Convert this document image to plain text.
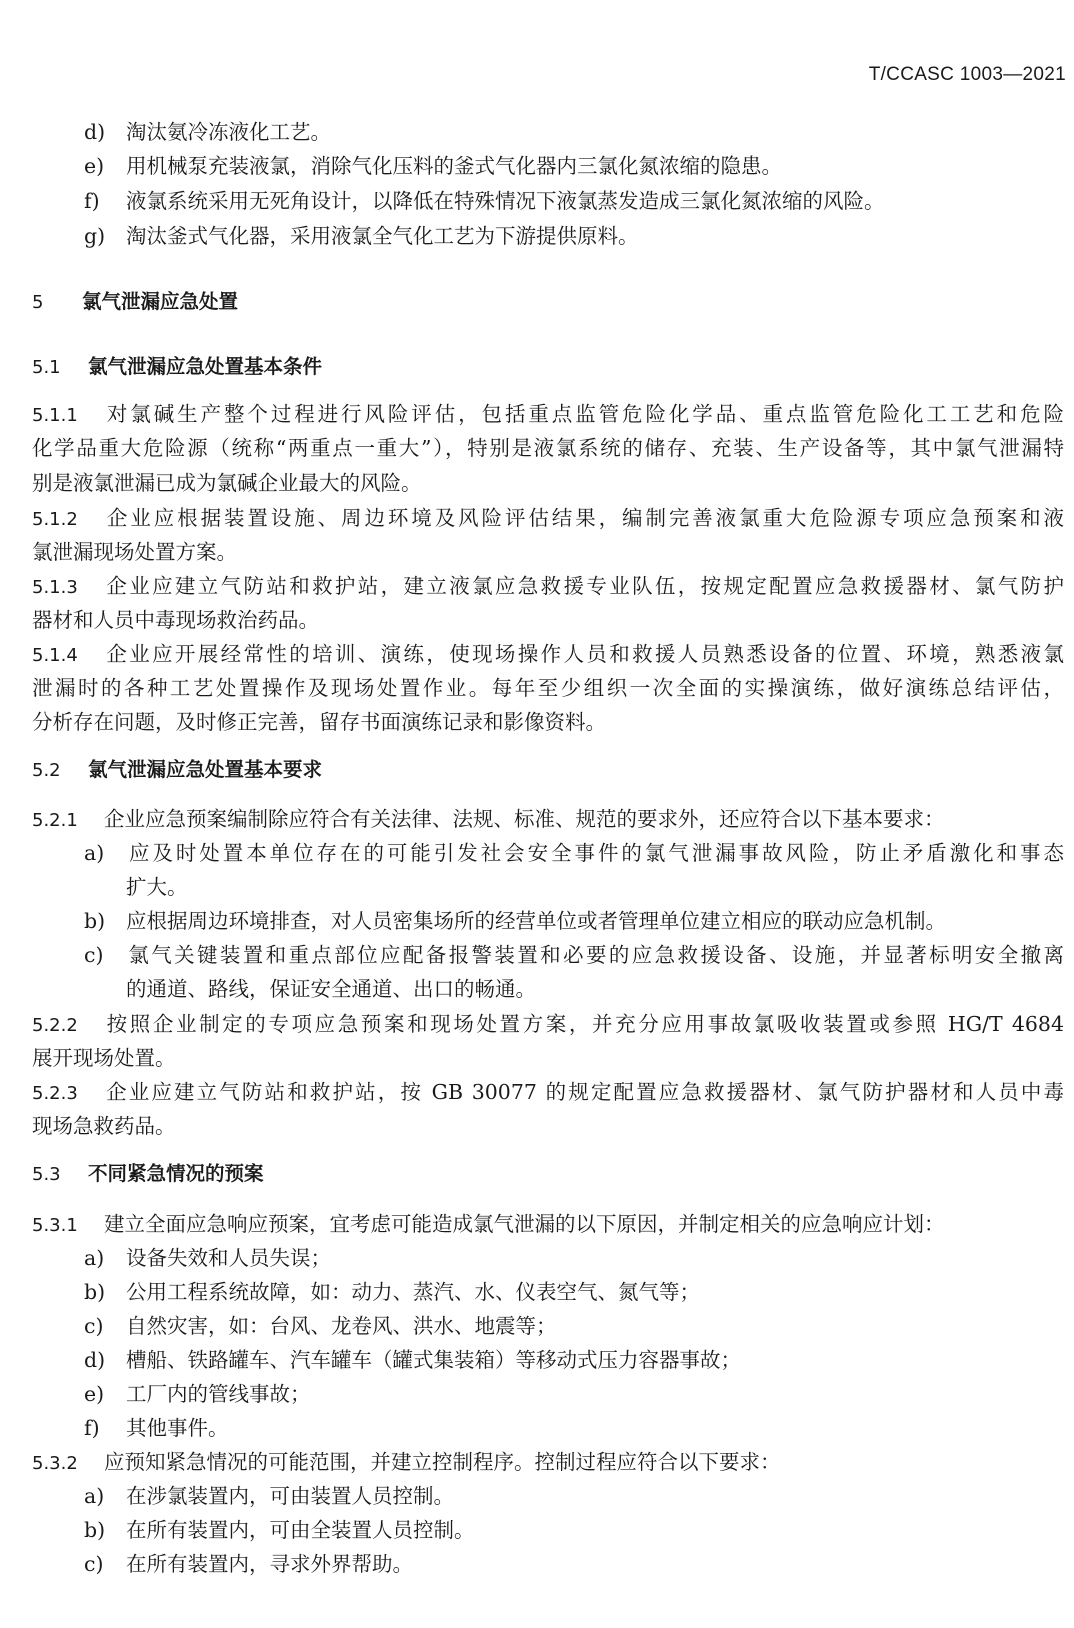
T/CCASC 1003—2021
d) 淘汰氨冷冻液化工艺。
e) 用机械泵充装液氯，消除气化压料的釜式气化器内三氯化氮浓缩的隐患。
f) 液氯系统采用无死角设计，以降低在特殊情况下液氯蒸发造成三氯化氮浓缩的风险。
g) 淘汰釜式气化器，采用液氯全气化工艺为下游提供原料。
5 氯气泄漏应急处置
5.1 氯气泄漏应急处置基本条件
5.1.1 对氯碱生产整个过程进行风险评估，包括重点监管危险化学品、重点监管危险化工工艺和危险
化学品重大危险源（统称“两重点一重大”），特别是液氯系统的储存、充装、生产设备等，其中氯气泄漏特
别是液氯泄漏已成为氯碱企业最大的风险。
5.1.2 企业应根据装置设施、周边环境及风险评估结果，编制完善液氯重大危险源专项应急预案和液
氯泄漏现场处置方案。
5.1.3 企业应建立气防站和救护站，建立液氯应急救援专业队伍，按规定配置应急救援器材、氯气防护
器材和人员中毒现场救治药品。
5.1.4 企业应开展经常性的培训、演练，使现场操作人员和救援人员熟悉设备的位置、环境，熟悉液氯
泄漏时的各种工艺处置操作及现场处置作业。每年至少组织一次全面的实操演练，做好演练总结评估，
分析存在问题，及时修正完善，留存书面演练记录和影像资料。
5.2 氯气泄漏应急处置基本要求
5.2.1 企业应急预案编制除应符合有关法律、法规、标准、规范的要求外，还应符合以下基本要求：
a) 应及时处置本单位存在的可能引发社会安全事件的氯气泄漏事故风险，防止矛盾激化和事态
扩大。
b) 应根据周边环境排查，对人员密集场所的经营单位或者管理单位建立相应的联动应急机制。
c) 氯气关键装置和重点部位应配备报警装置和必要的应急救援设备、设施，并显著标明安全撤离
的通道、路线，保证安全通道、出口的畅通。
5.2.2 按照企业制定的专项应急预案和现场处置方案，并充分应用事故氯吸收装置或参照 HG/T 4684
展开现场处置。
5.2.3 企业应建立气防站和救护站，按 GB 30077 的规定配置应急救援器材、氯气防护器材和人员中毒
现场急救药品。
5.3 不同紧急情况的预案
5.3.1 建立全面应急响应预案，宜考虑可能造成氯气泄漏的以下原因，并制定相关的应急响应计划：
a) 设备失效和人员失误；
b) 公用工程系统故障，如：动力、蒸汽、水、仪表空气、氮气等；
c) 自然灾害，如：台风、龙卷风、洪水、地震等；
d) 槽船、铁路罐车、汽车罐车（罐式集装箱）等移动式压力容器事故；
e) 工厂内的管线事故；
f) 其他事件。
5.3.2 应预知紧急情况的可能范围，并建立控制程序。控制过程应符合以下要求：
a) 在涉氯装置内，可由装置人员控制。
b) 在所有装置内，可由全装置人员控制。
c) 在所有装置内，寻求外界帮助。
